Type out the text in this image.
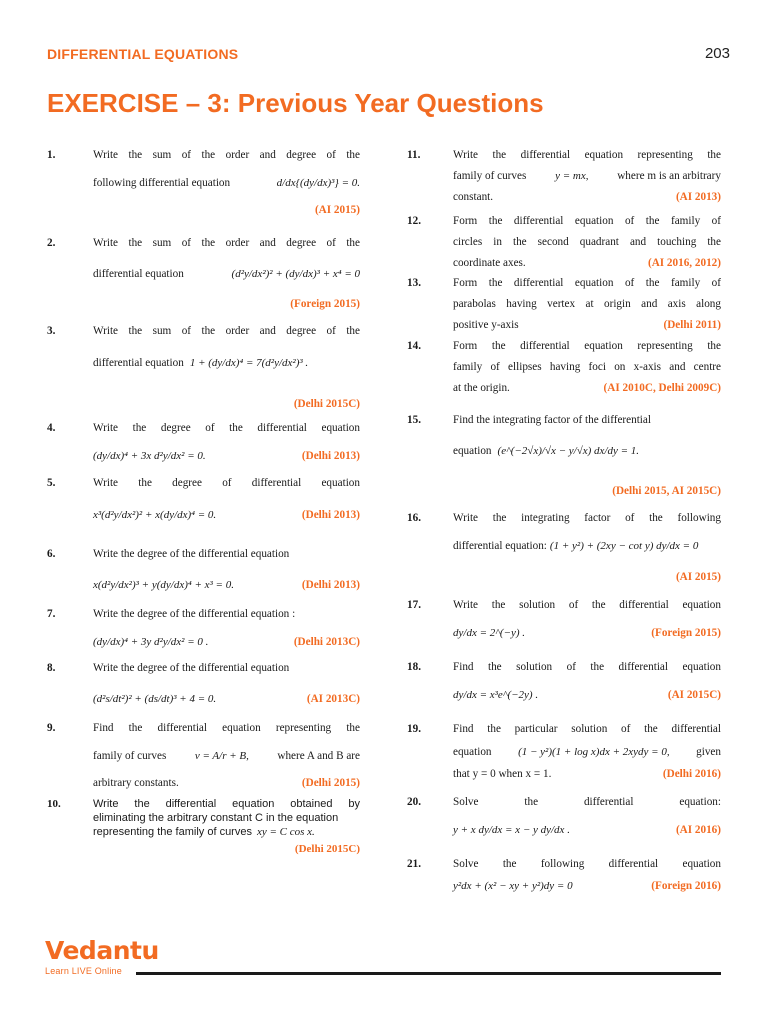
DIFFERENTIAL EQUATIONS	203
EXERCISE – 3: Previous Year Questions
1.	Write the sum of the order and degree of the
following differential equation	d/dx{(dy/dx)³} = 0.
(AI 2015)
2.	Write the sum of the order and degree of the
differential equation	(d²y/dx²)² + (dy/dx)³ + x⁴ = 0
(Foreign 2015)
3.	Write the sum of the order and degree of the
differential equation 1 + (dy/dx)⁴ = 7(d²y/dx²)³ .
(Delhi 2015C)
4.	Write the degree of the differential equation
(dy/dx)⁴ + 3x d²y/dx² = 0.	(Delhi 2013)
5.	Write the degree of differential equation
x³(d²y/dx²)² + x(dy/dx)⁴ = 0.	(Delhi 2013)
6.	Write the degree of the differential equation
x(d²y/dx²)³ + y(dy/dx)⁴ + x³ = 0.	(Delhi 2013)
7.	Write the degree of the differential equation :
(dy/dx)⁴ + 3y d²y/dx² = 0 .	(Delhi 2013C)
8.	Write the degree of the differential equation
(d²s/dt²)² + (ds/dt)³ + 4 = 0.	(AI 2013C)
9.	Find the differential equation representing the
family of curves	v = A/r + B,	where A and B are
arbitrary constants.	(Delhi 2015)
10.	Write the differential equation obtained by
eliminating the arbitrary constant C in the equation
representing the family of curves xy = C cos x.
(Delhi 2015C)
11.	Write the differential equation representing the
family of curves	y = mx,	where m is an arbitrary
constant.	(AI 2013)
12.	Form the differential equation of the family of
circles in the second quadrant and touching the
coordinate axes.	(AI 2016, 2012)
13.	Form the differential equation of the family of
parabolas having vertex at origin and axis along
positive y-axis	(Delhi 2011)
14.	Form the differential equation representing the
family of ellipses having foci on x-axis and centre
at the origin.	(AI 2010C, Delhi 2009C)
15.	Find the integrating factor of the differential
equation (e^(−2√x)/√x − y/√x) dx/dy = 1.
(Delhi 2015, AI 2015C)
16.	Write the integrating factor of the following
differential equation: (1 + y²) + (2xy − cot y) dy/dx = 0
(AI 2015)
17.	Write the solution of the differential equation
dy/dx = 2^(−y) .	(Foreign 2015)
18.	Find the solution of the differential equation
dy/dx = x³e^(−2y) .	(AI 2015C)
19.	Find the particular solution of the differential
equation (1 − y²)(1 + log x)dx + 2xydy = 0, given
that y = 0 when x = 1.	(Delhi 2016)
20.	Solve the differential equation:
y + x dy/dx = x − y dy/dx .	(AI 2016)
21.	Solve the following differential equation
y²dx + (x² − xy + y²)dy = 0	(Foreign 2016)
Vedantu
Learn LIVE Online
